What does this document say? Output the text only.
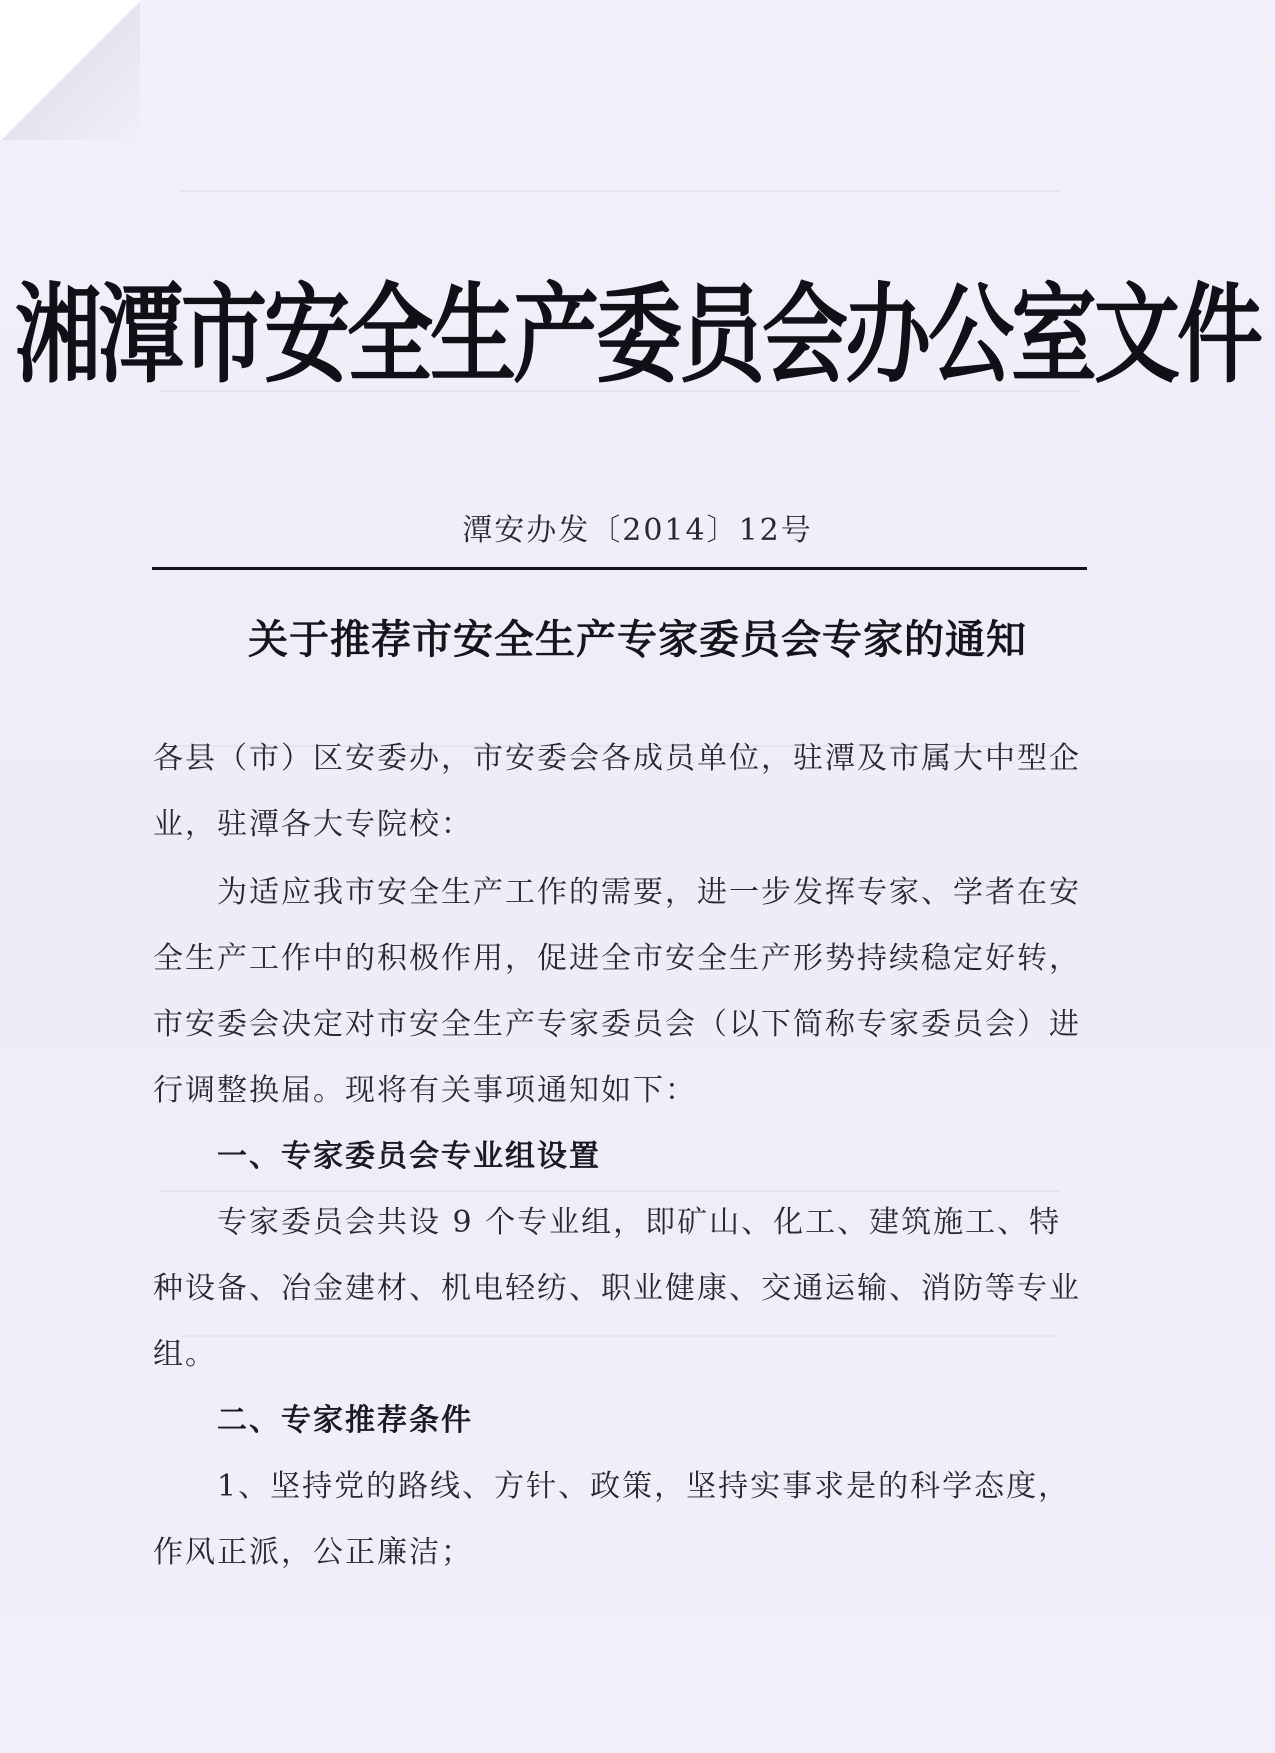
湘潭市安全生产委员会办公室文件
潭安办发〔2014〕12号
关于推荐市安全生产专家委员会专家的通知

各县（市）区安委办，市安委会各成员单位，驻潭及市属大中型企业，驻潭各大专院校：

为适应我市安全生产工作的需要，进一步发挥专家、学者在安全生产工作中的积极作用，促进全市安全生产形势持续稳定好转，市安委会决定对市安全生产专家委员会（以下简称专家委员会）进行调整换届。现将有关事项通知如下：

一、专家委员会专业组设置

专家委员会共设 9 个专业组，即矿山、化工、建筑施工、特种设备、冶金建材、机电轻纺、职业健康、交通运输、消防等专业组。

二、专家推荐条件

1、坚持党的路线、方针、政策，坚持实事求是的科学态度，作风正派，公正廉洁；
